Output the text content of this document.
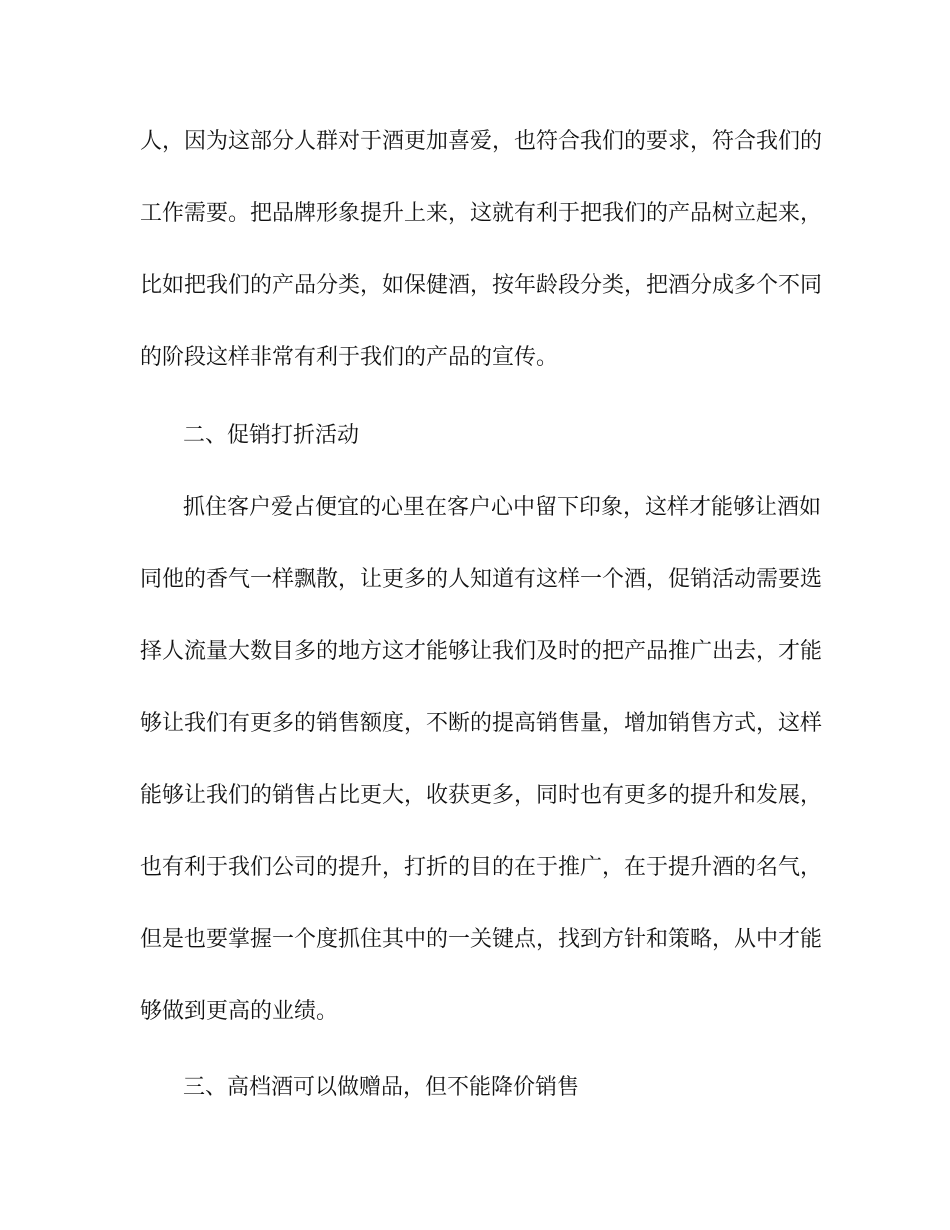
人，因为这部分人群对于酒更加喜爱，也符合我们的要求，符合我们的
工作需要。把品牌形象提升上来，这就有利于把我们的产品树立起来，
比如把我们的产品分类，如保健酒，按年龄段分类，把酒分成多个不同
的阶段这样非常有利于我们的产品的宣传。
二、促销打折活动
抓住客户爱占便宜的心里在客户心中留下印象，这样才能够让酒如
同他的香气一样飘散，让更多的人知道有这样一个酒，促销活动需要选
择人流量大数目多的地方这才能够让我们及时的把产品推广出去，才能
够让我们有更多的销售额度，不断的提高销售量，增加销售方式，这样
能够让我们的销售占比更大，收获更多，同时也有更多的提升和发展，
也有利于我们公司的提升，打折的目的在于推广，在于提升酒的名气，
但是也要掌握一个度抓住其中的一关键点，找到方针和策略，从中才能
够做到更高的业绩。
三、高档酒可以做赠品，但不能降价销售
